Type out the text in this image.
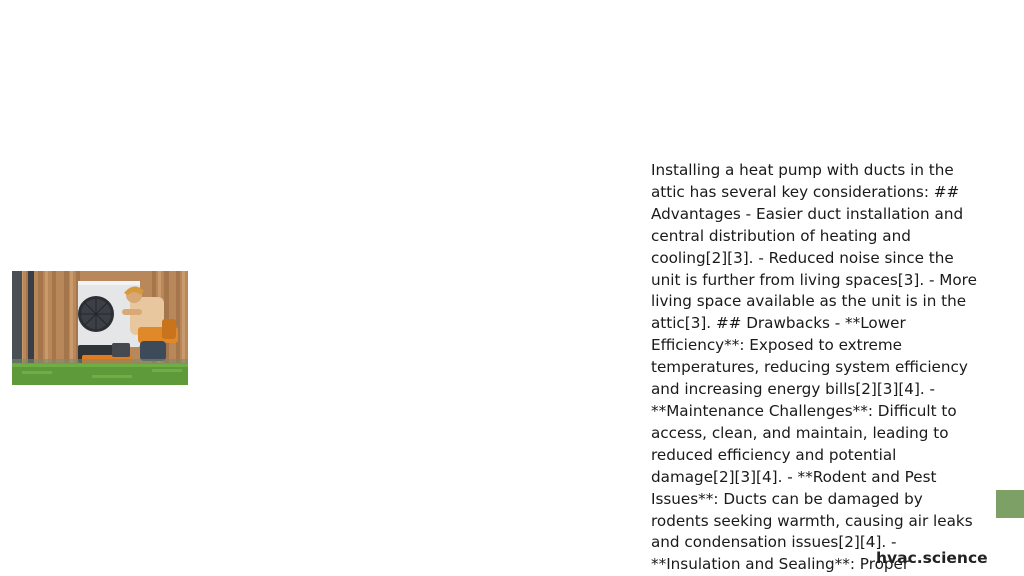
Installing a heat pump with ducts in the attic has several key considerations: ## Advantages - Easier duct installation and central distribution of heating and cooling[2][3]. - Reduced noise since the unit is further from living spaces[3]. - More living space available as the unit is in the attic[3]. ## Drawbacks - **Lower Efficiency**: Exposed to extreme temperatures, reducing system efficiency and increasing energy bills[2][3][4]. - **Maintenance Challenges**: Difficult to access, clean, and maintain, leading to reduced efficiency and potential damage[2][3][4]. - **Rodent and Pest Issues**: Ducts can be damaged by rodents seeking warmth, causing air leaks and condensation issues[2][4]. - **Insulation and Sealing**: Proper
hvac.science
